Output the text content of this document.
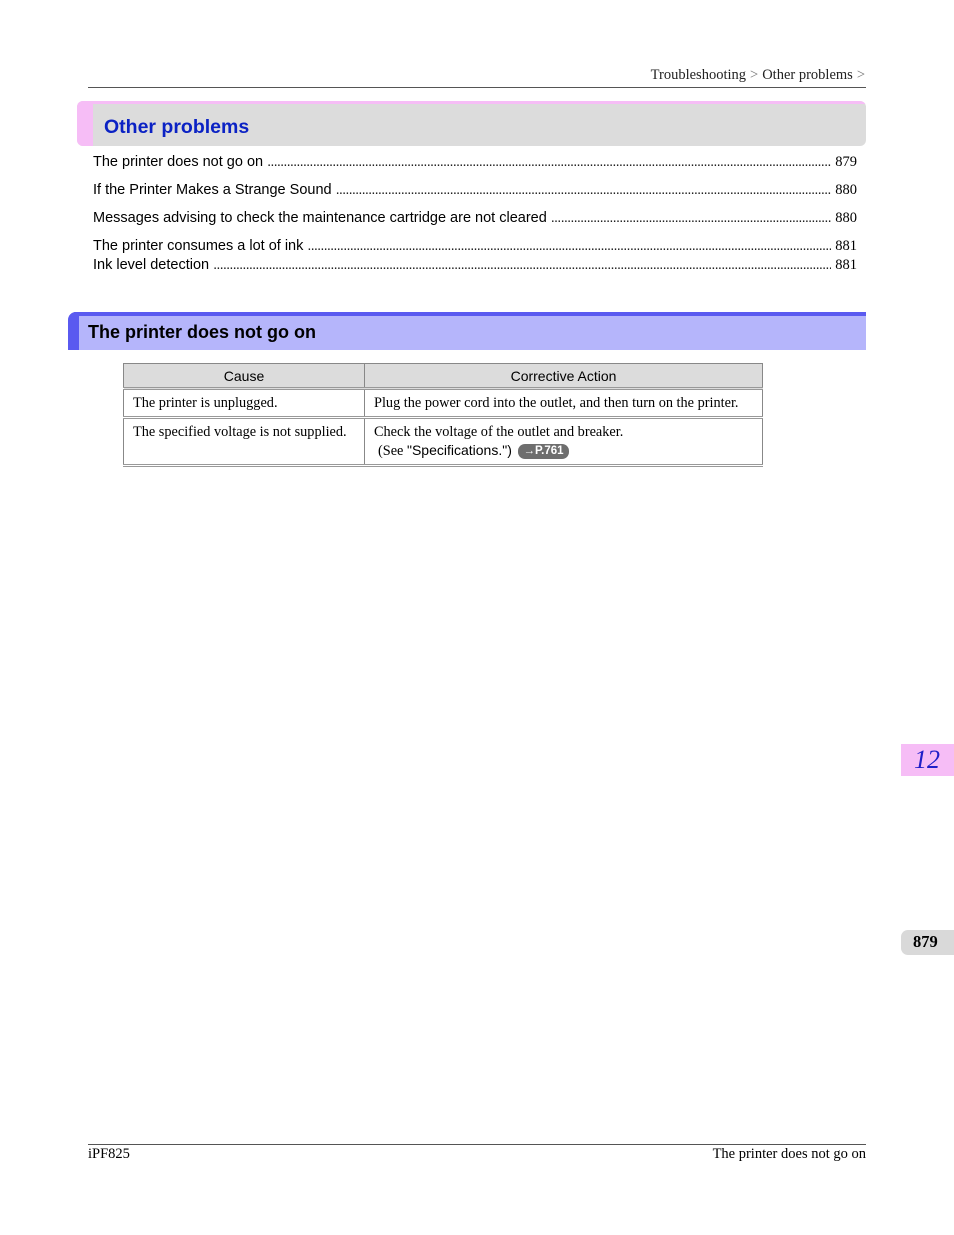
Troubleshooting > Other problems >
Other problems
The printer does not go on . . .	879
If the Printer Makes a Strange Sound . . .	880
Messages advising to check the maintenance cartridge are not cleared . . .	880
The printer consumes a lot of ink . . .	881
Ink level detection . . .	881
The printer does not go on
Cause	Corrective Action
The printer is unplugged.	Plug the power cord into the outlet, and then turn on the printer.
The specified voltage is not supplied.	Check the voltage of the outlet and breaker.
(See "Specifications.") →P.761
12
879
iPF825	The printer does not go on
